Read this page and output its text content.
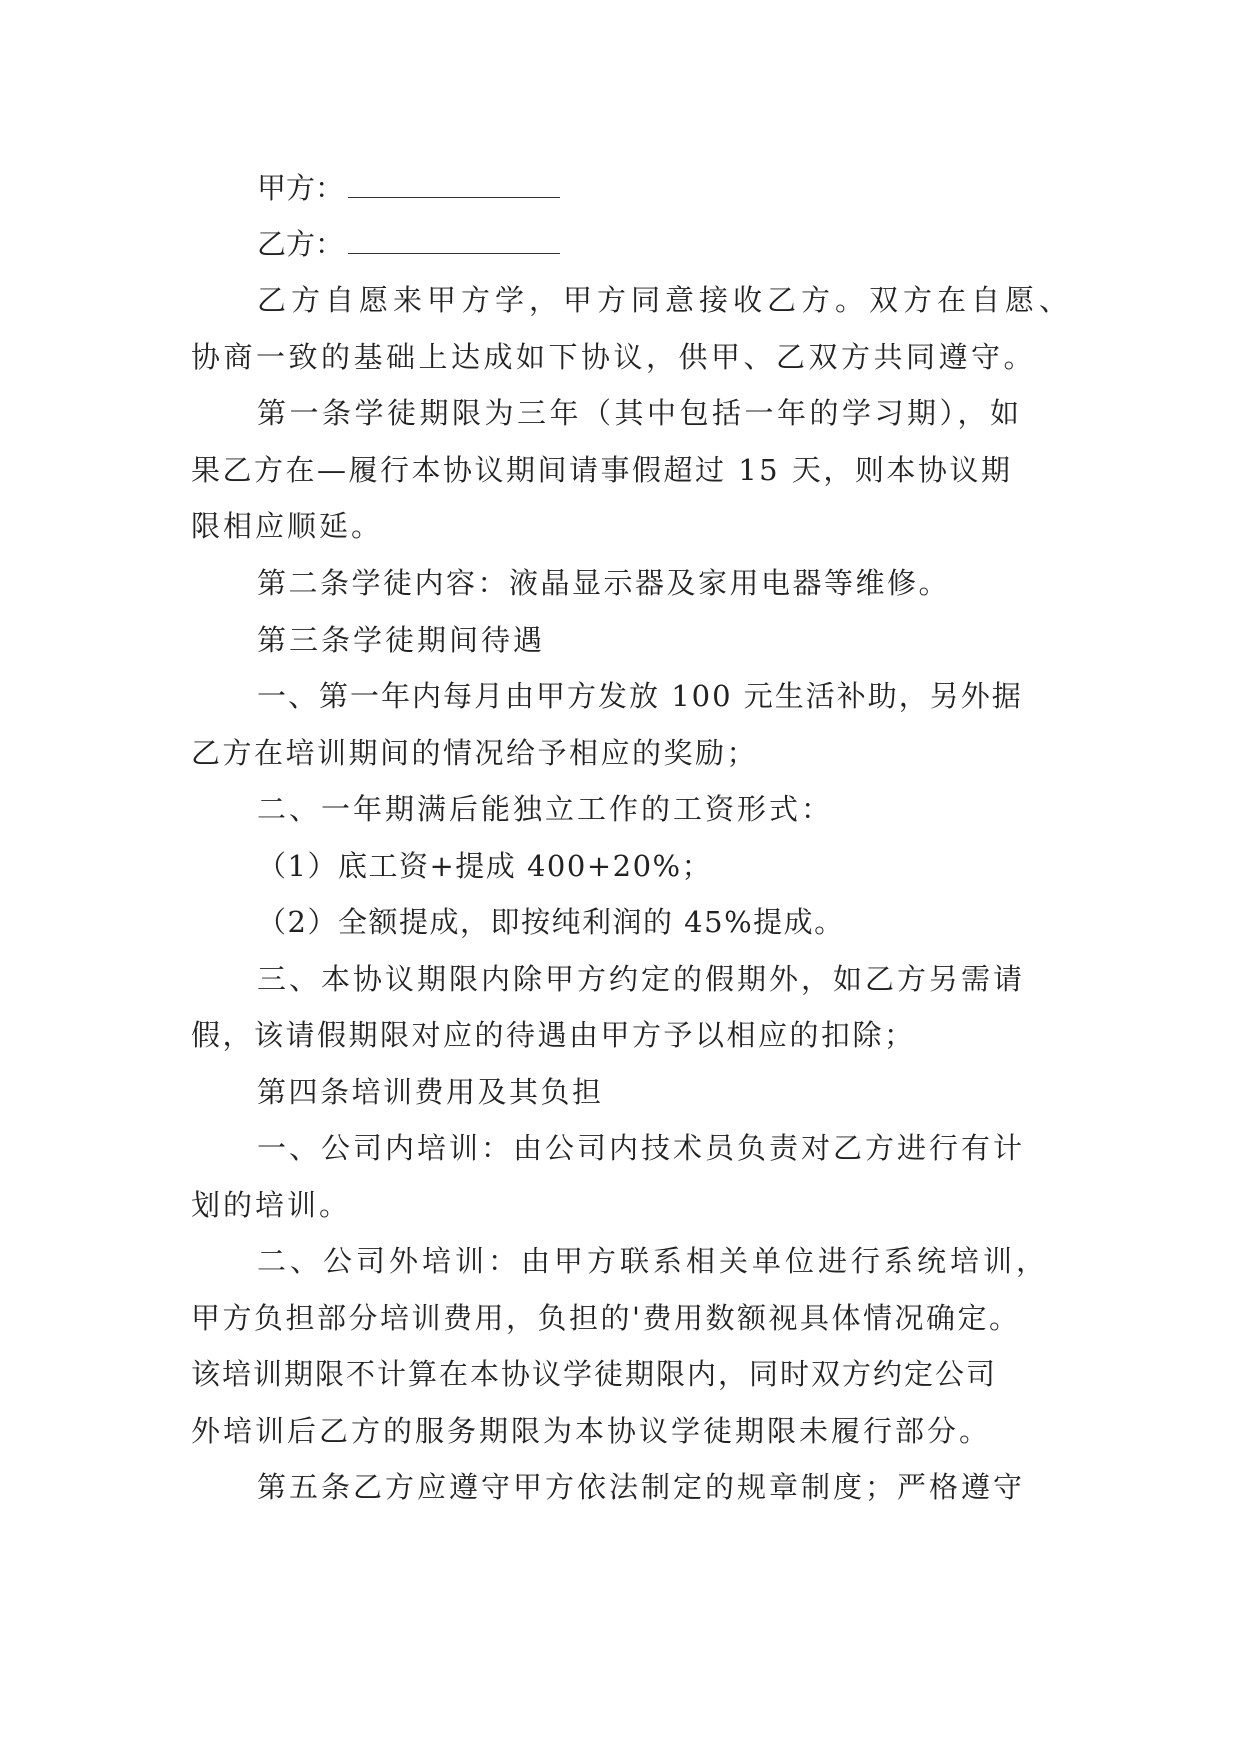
甲方：

乙方：

乙方自愿来甲方学，甲方同意接收乙方。双方在自愿、

协商一致的基础上达成如下协议，供甲、乙双方共同遵守。

第一条学徒期限为三年（其中包括一年的学习期），如

果乙方在—履行本协议期间请事假超过 15 天，则本协议期

限相应顺延。

第二条学徒内容：液晶显示器及家用电器等维修。

第三条学徒期间待遇

一、第一年内每月由甲方发放 100 元生活补助，另外据

乙方在培训期间的情况给予相应的奖励；

二、一年期满后能独立工作的工资形式：

（1）底工资+提成 400+20%；

（2）全额提成，即按纯利润的 45%提成。

三、本协议期限内除甲方约定的假期外，如乙方另需请

假，该请假期限对应的待遇由甲方予以相应的扣除；

第四条培训费用及其负担

一、公司内培训：由公司内技术员负责对乙方进行有计

划的培训。

二、公司外培训：由甲方联系相关单位进行系统培训，

甲方负担部分培训费用，负担的'费用数额视具体情况确定。

该培训期限不计算在本协议学徒期限内，同时双方约定公司

外培训后乙方的服务期限为本协议学徒期限未履行部分。

第五条乙方应遵守甲方依法制定的规章制度；严格遵守
